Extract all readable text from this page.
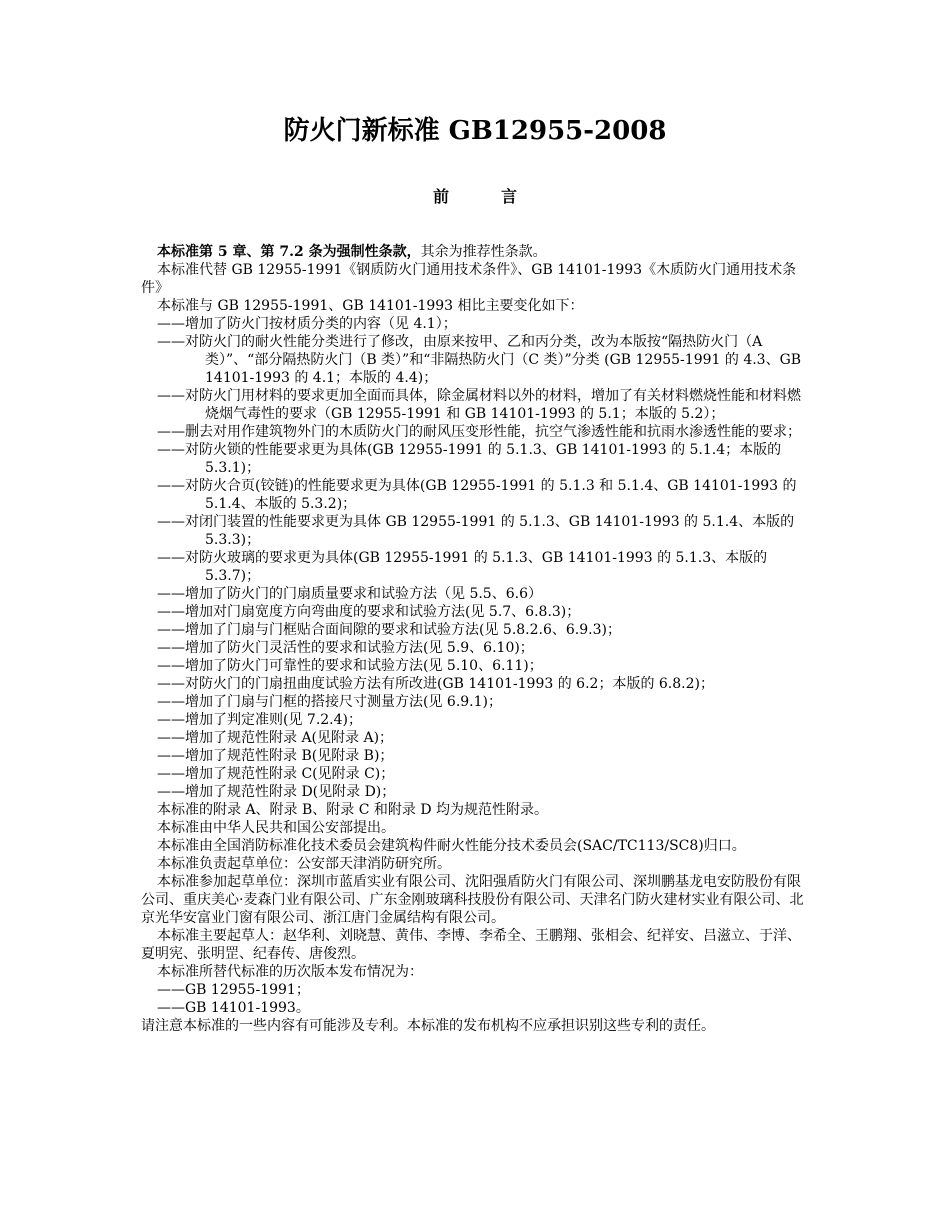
防火门新标准 GB12955-2008
前　言

本标准第 5 章、第 7.2 条为强制性条款，其余为推荐性条款。

本标准代替 GB 12955-1991《钢质防火门通用技术条件》、GB 14101-1993《木质防火门通用技术条件》

本标准与 GB 12955-1991、GB 14101-1993 相比主要变化如下：

——增加了防火门按材质分类的内容（见 4.1）；

——对防火门的耐火性能分类进行了修改，由原来按甲、乙和丙分类，改为本版按“隔热防火门（A 类）”、“部分隔热防火门（B 类）”和“非隔热防火门（C 类）”分类 (GB 12955-1991 的 4.3、GB 14101-1993 的 4.1；本版的 4.4)；

——对防火门用材料的要求更加全面而具体，除金属材料以外的材料，增加了有关材料燃烧性能和材料燃烧烟气毒性的要求（GB 12955-1991 和 GB 14101-1993 的 5.1；本版的 5.2）；

——删去对用作建筑物外门的木质防火门的耐风压变形性能，抗空气渗透性能和抗雨水渗透性能的要求；

——对防火锁的性能要求更为具体(GB 12955-1991 的 5.1.3、GB 14101-1993 的 5.1.4；本版的 5.3.1)；

——对防火合页(铰链)的性能要求更为具体(GB 12955-1991 的 5.1.3 和 5.1.4、GB 14101-1993 的 5.1.4、本版的 5.3.2)；

——对闭门装置的性能要求更为具体 GB 12955-1991 的 5.1.3、GB 14101-1993 的 5.1.4、本版的 5.3.3)；

——对防火玻璃的要求更为具体(GB 12955-1991 的 5.1.3、GB 14101-1993 的 5.1.3、本版的 5.3.7)；

——增加了防火门的门扇质量要求和试验方法（见 5.5、6.6）

——增加对门扇宽度方向弯曲度的要求和试验方法(见 5.7、6.8.3)；

——增加了门扇与门框贴合面间隙的要求和试验方法(见 5.8.2.6、6.9.3)；

——增加了防火门灵活性的要求和试验方法(见 5.9、6.10)；

——增加了防火门可靠性的要求和试验方法(见 5.10、6.11)；

——对防火门的门扇扭曲度试验方法有所改进(GB 14101-1993 的 6.2；本版的 6.8.2)；

——增加了门扇与门框的搭接尺寸测量方法(见 6.9.1)；

——增加了判定准则(见 7.2.4)；

——增加了规范性附录 A(见附录 A)；

——增加了规范性附录 B(见附录 B)；

——增加了规范性附录 C(见附录 C)；

——增加了规范性附录 D(见附录 D)；

本标准的附录 A、附录 B、附录 C 和附录 D 均为规范性附录。

本标准由中华人民共和国公安部提出。

本标准由全国消防标准化技术委员会建筑构件耐火性能分技术委员会(SAC/TC113/SC8)归口。

本标准负责起草单位：公安部天津消防研究所。

本标准参加起草单位：深圳市蓝盾实业有限公司、沈阳强盾防火门有限公司、深圳鹏基龙电安防股份有限公司、重庆美心·麦森门业有限公司、广东金刚玻璃科技股份有限公司、天津名门防火建材实业有限公司、北京光华安富业门窗有限公司、浙江唐门金属结构有限公司。

本标准主要起草人：赵华利、刘晓慧、黄伟、李博、李希全、王鹏翔、张相会、纪祥安、吕滋立、于洋、夏明宪、张明罡、纪春传、唐俊烈。

本标准所替代标准的历次版本发布情况为：

——GB 12955-1991；

——GB 14101-1993。

请注意本标准的一些内容有可能涉及专利。本标准的发布机构不应承担识别这些专利的责任。
